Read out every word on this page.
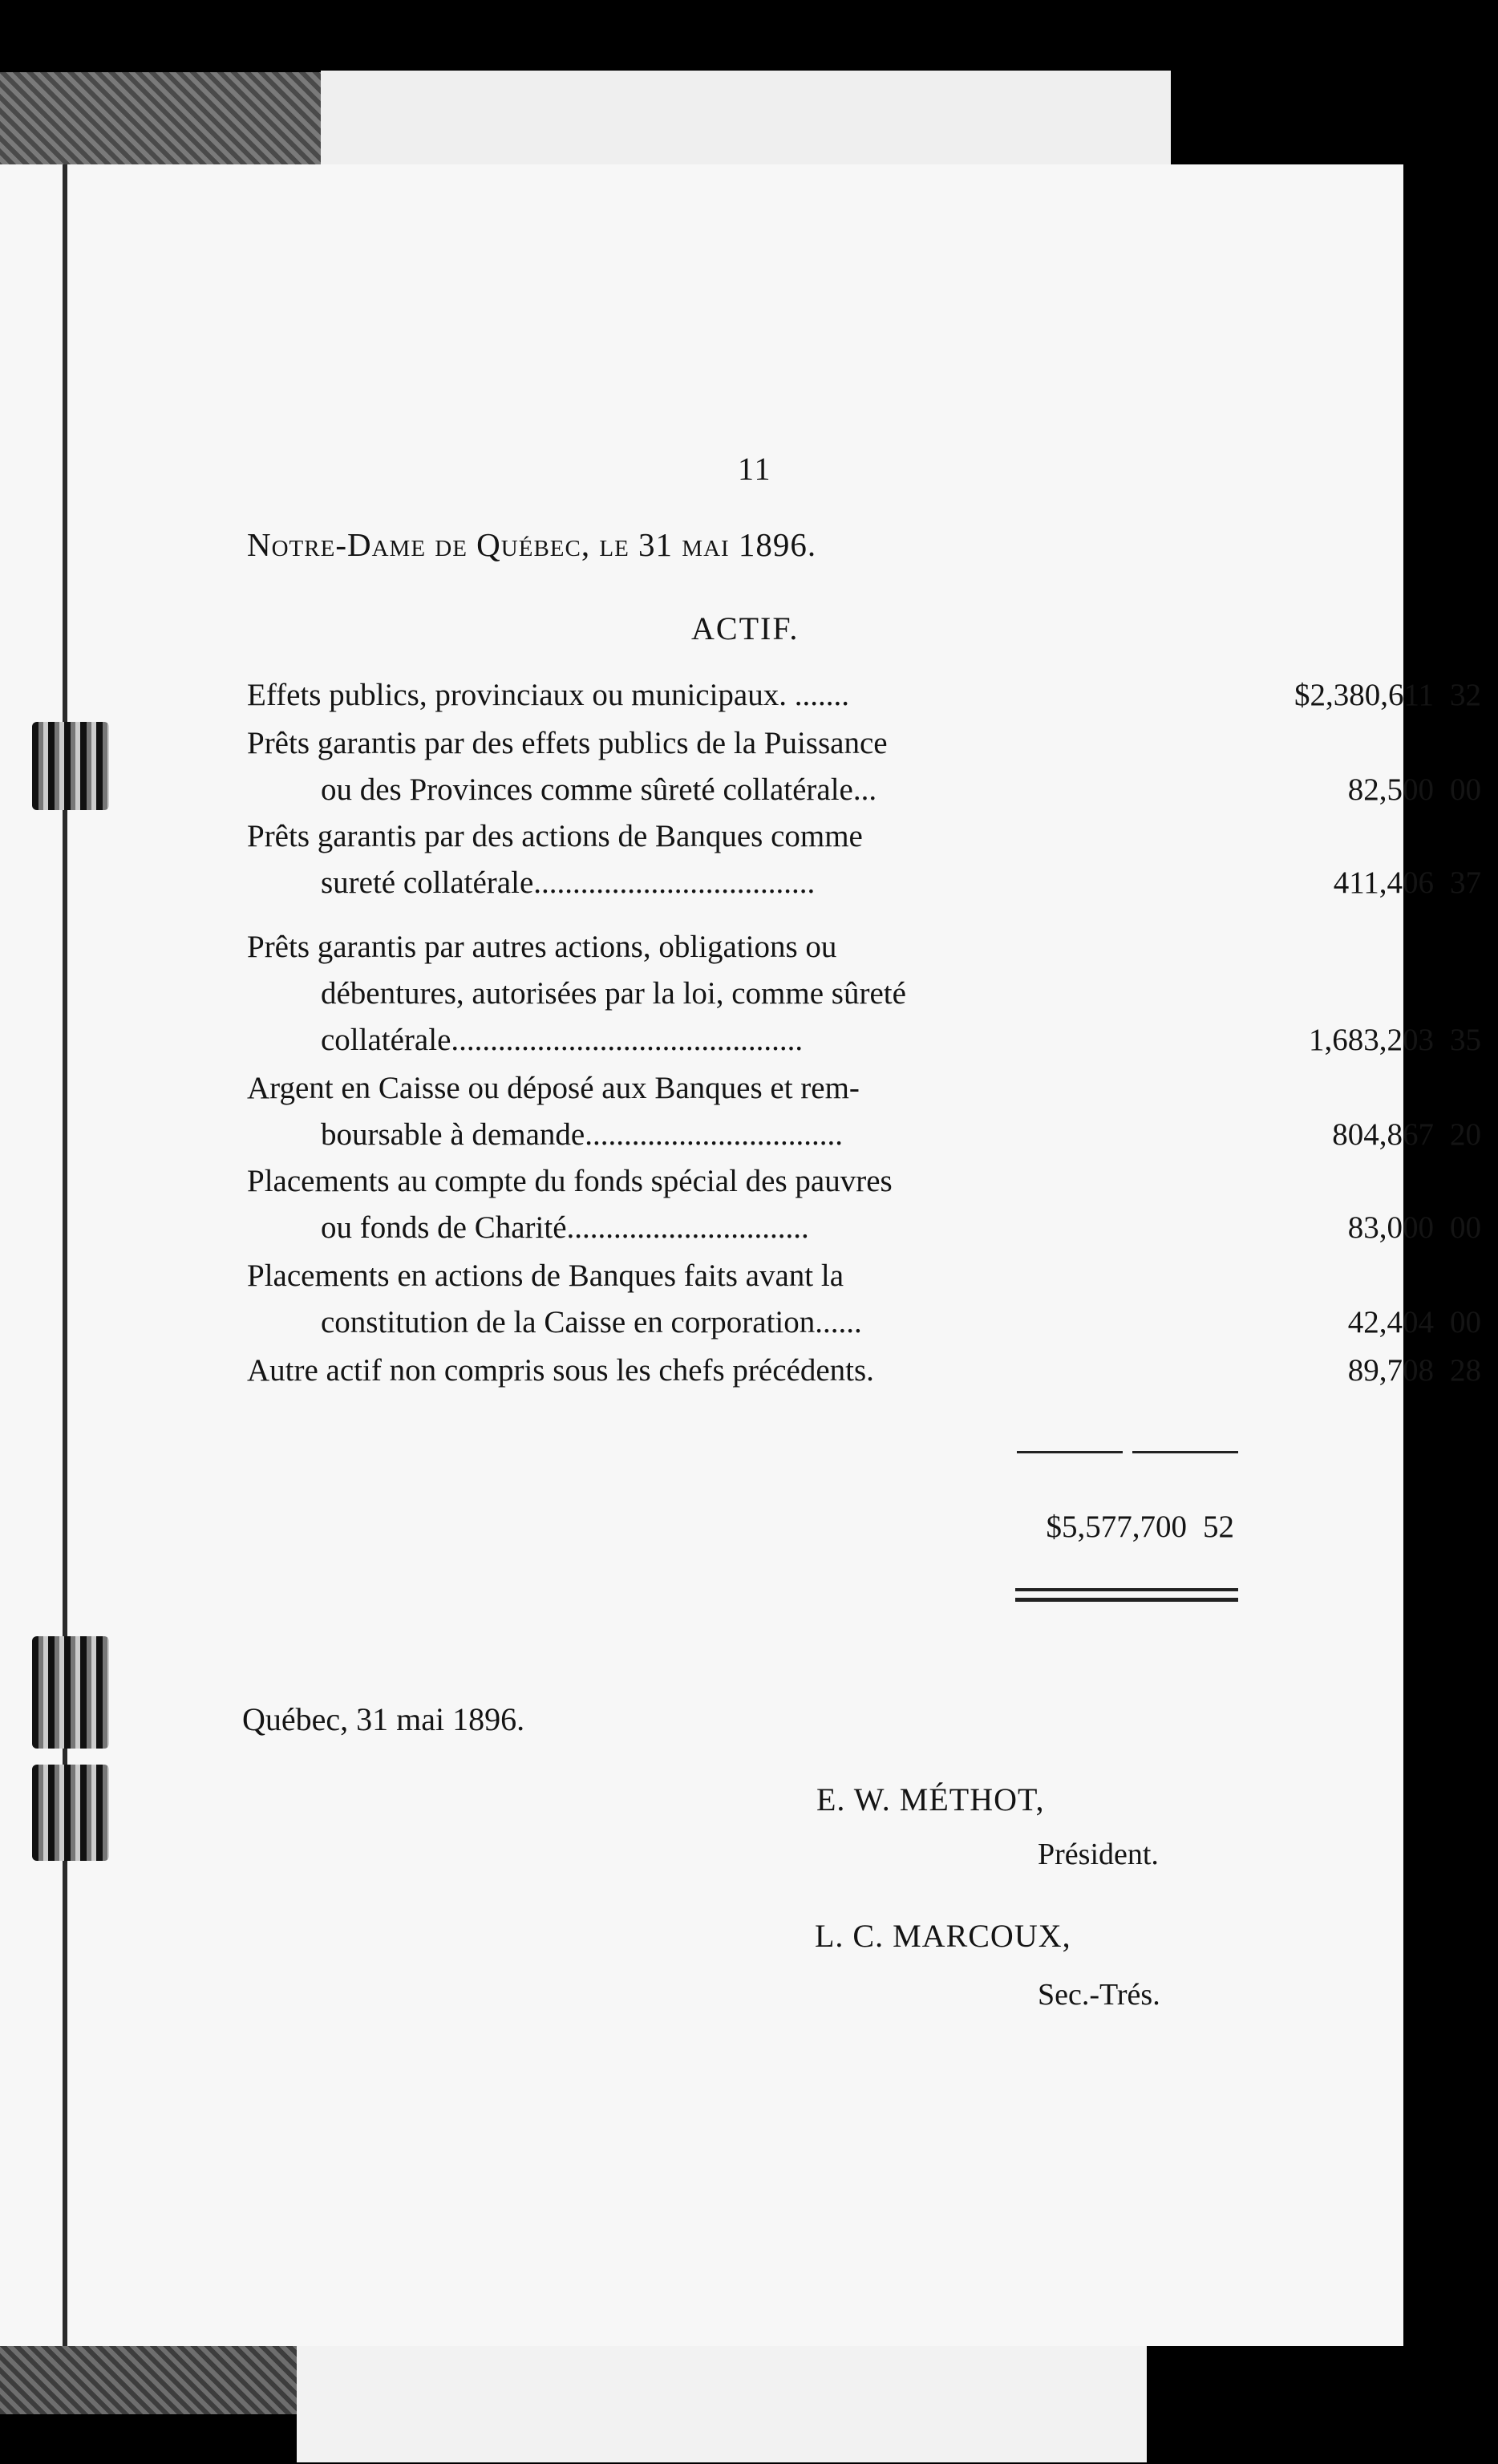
11
Notre-Dame de Québec, le 31 mai 1896.
ACTIF.
Effets publics, provinciaux ou municipaux. .......	$2,380,611 32
Prêts garantis par des effets publics de la Puissance
ou des Provinces comme sûreté collatérale...	82,500 00
Prêts garantis par des actions de Banques comme
sureté collatérale....................................	411,406 37
Prêts garantis par autres actions, obligations ou
débentures, autorisées par la loi, comme sûreté
collatérale.............................................	1,683,203 35
Argent en Caisse ou déposé aux Banques et rem-
boursable à demande.................................	804,867 20
Placements au compte du fonds spécial des pauvres
ou fonds de Charité...............................	83,000 00
Placements en actions de Banques faits avant la
constitution de la Caisse en corporation......	42,404 00
Autre actif non compris sous les chefs précédents.	89,708 28
$5,577,700 52
Québec, 31 mai 1896.
E. W. MÉTHOT,
Président.
L. C. MARCOUX,
Sec.-Trés.
